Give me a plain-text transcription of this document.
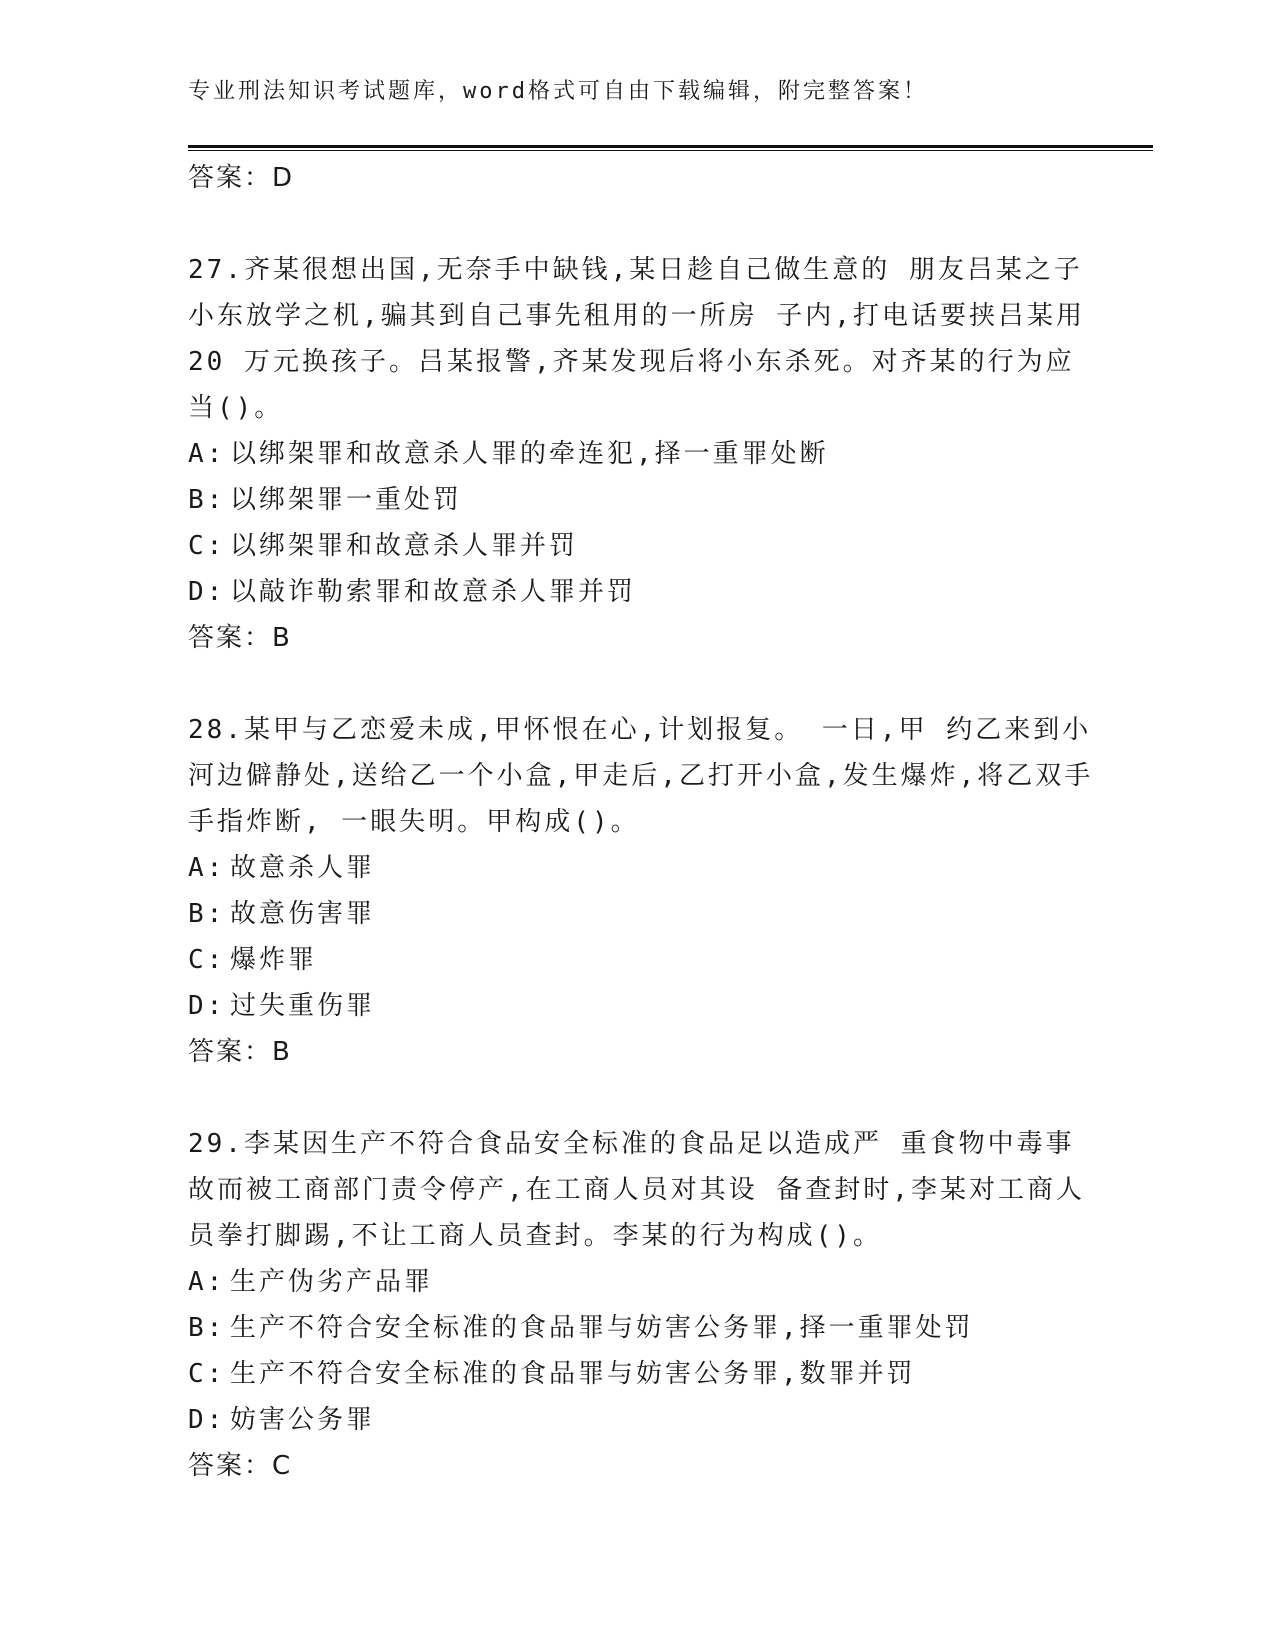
专业刑法知识考试题库，word格式可自由下载编辑，附完整答案！
答案：D
27.齐某很想出国,无奈手中缺钱,某日趁自己做生意的 朋友吕某之子
小东放学之机,骗其到自己事先租用的一所房 子内,打电话要挟吕某用
20 万元换孩子。吕某报警,齐某发现后将小东杀死。对齐某的行为应
当()。
A: 以绑架罪和故意杀人罪的牵连犯,择一重罪处断
B: 以绑架罪一重处罚
C: 以绑架罪和故意杀人罪并罚
D: 以敲诈勒索罪和故意杀人罪并罚
答案：B
28.某甲与乙恋爱未成,甲怀恨在心,计划报复。 一日,甲 约乙来到小
河边僻静处,送给乙一个小盒,甲走后,乙打开小盒,发生爆炸,将乙双手
手指炸断, 一眼失明。甲构成()。
A: 故意杀人罪
B: 故意伤害罪
C: 爆炸罪
D: 过失重伤罪
答案：B
29.李某因生产不符合食品安全标准的食品足以造成严 重食物中毒事
故而被工商部门责令停产,在工商人员对其设 备查封时,李某对工商人
员拳打脚踢,不让工商人员查封。李某的行为构成()。
A: 生产伪劣产品罪
B: 生产不符合安全标准的食品罪与妨害公务罪,择一重罪处罚
C: 生产不符合安全标准的食品罪与妨害公务罪,数罪并罚
D: 妨害公务罪
答案：C
